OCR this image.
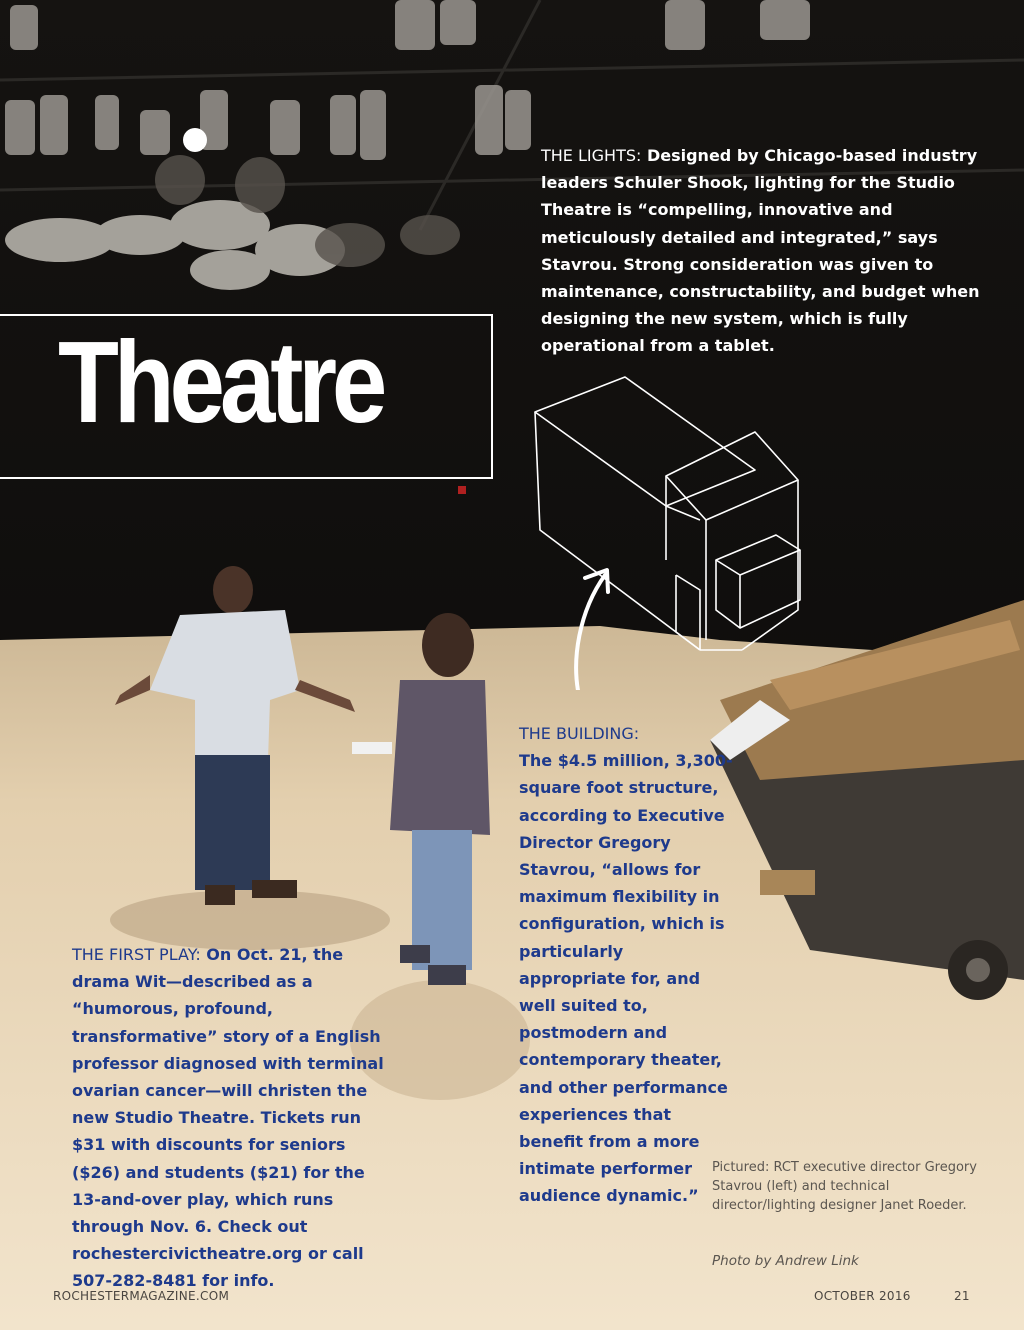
Theatre

THE LIGHTS: Designed by Chicago-based industry leaders Schuler Shook, lighting for the Studio Theatre is “compelling, innovative and meticulously detailed and integrated,” says Stavrou. Strong consideration was given to maintenance, constructability, and budget when designing the new system, which is fully operational from a tablet.

THE BUILDING:
The $4.5 million, 3,300-square foot structure, according to Executive Director Gregory Stavrou, “allows for maximum flexibility in configuration, which is particularly appropriate for, and well suited to, postmodern and contemporary theater, and other performance experiences that benefit from a more intimate performer audience dynamic.”

THE FIRST PLAY: On Oct. 21, the drama Wit—described as a “humorous, profound, transformative” story of a English professor diagnosed with terminal ovarian cancer—will christen the new Studio Theatre. Tickets run $31 with discounts for seniors ($26) and students ($21) for the 13-and-over play, which runs through Nov. 6. Check out rochestercivictheatre.org or call 507-282-8481 for info.

Pictured: RCT executive director Gregory Stavrou (left) and technical director/lighting designer Janet Roeder.
Photo by Andrew Link
ROCHESTERMAGAZINE.COM	OCTOBER 2016	21
